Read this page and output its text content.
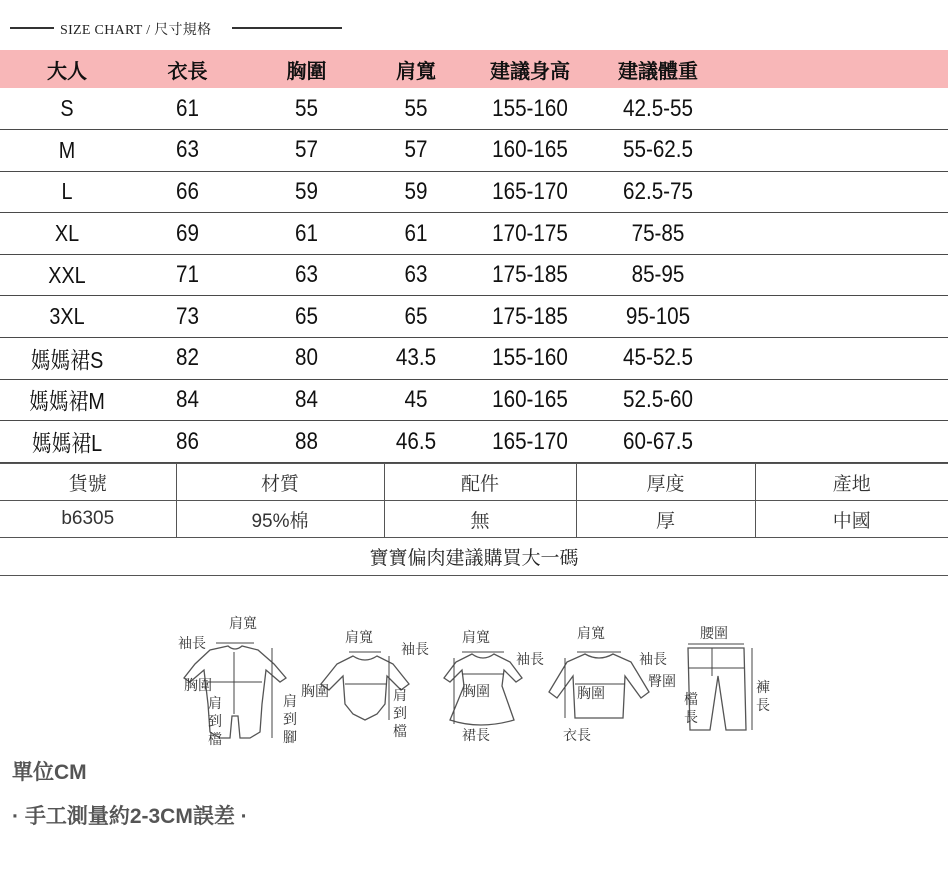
SIZE CHART / 尺寸規格
大人	衣長	胸圍	肩寬	建議身高	建議體重	
S	61	55	55	155-160	42.5-55	
M	63	57	57	160-165	55-62.5	
L	66	59	59	165-170	62.5-75	
XL	69	61	61	170-175	75-85	
XXL	71	63	63	175-185	85-95	
3XL	73	65	65	175-185	95-105	
媽媽裙S	82	80	43.5	155-160	45-52.5	
媽媽裙M	84	84	45	160-165	52.5-60	
媽媽裙L	86	88	46.5	165-170	60-67.5	
貨號	材質	配件	厚度	產地
b6305	95%棉	無	厚	中國
寶寶偏肉建議購買大一碼				
肩寬
袖長
胸圍
肩
到
檔
肩
到
腳
肩寬
袖長
胸圍	肩
到
檔
肩寬
袖長
胸圍
裙長
肩寬
袖長
胸圍
衣長
腰圍
臀圍
檔
長
褲
長
單位CM
· 手工測量約2-3CM誤差 ·
